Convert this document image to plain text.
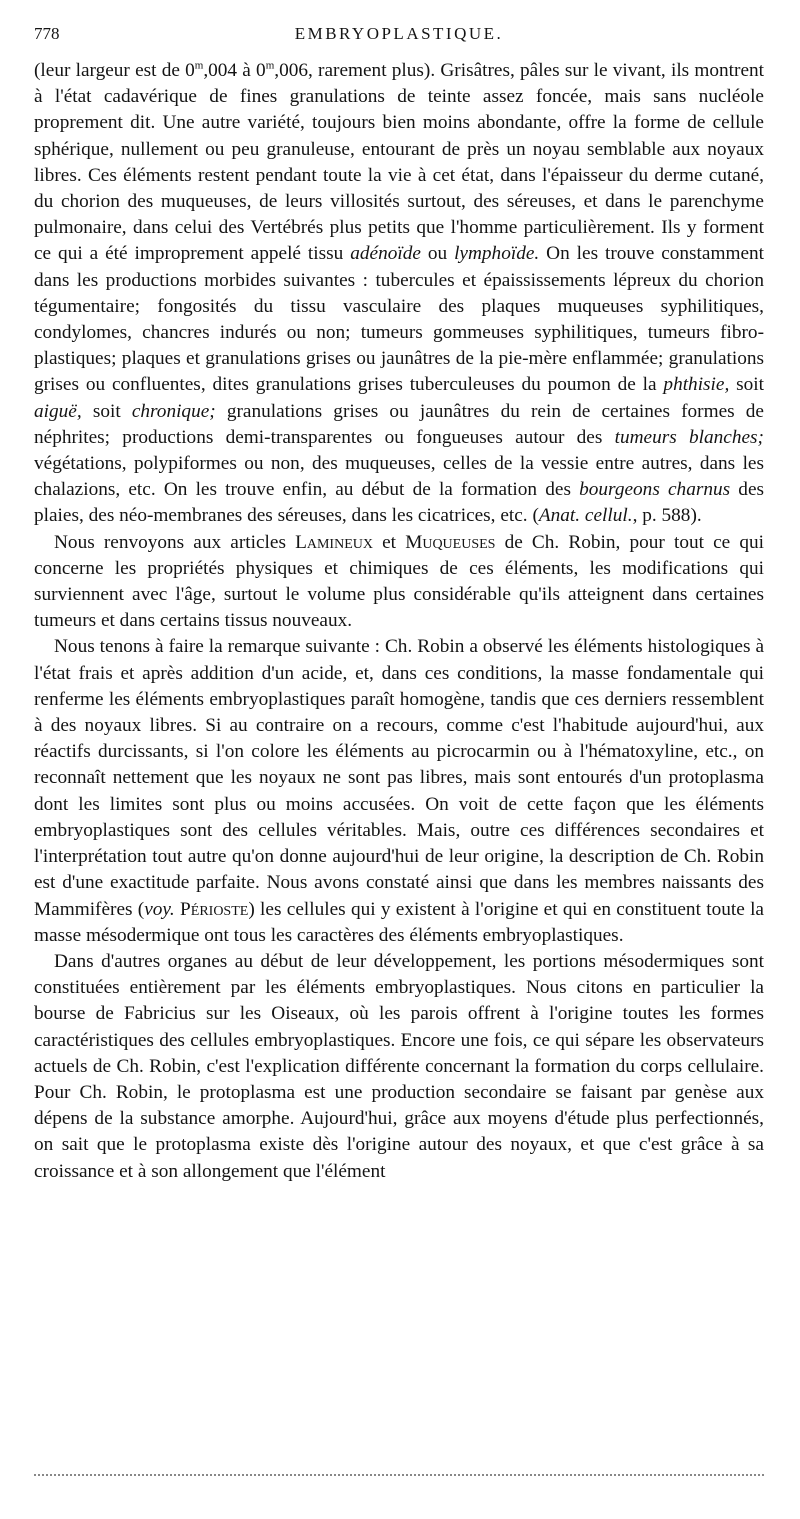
778	EMBRYOPLASTIQUE.

(leur largeur est de 0$^m$,004 à 0$^m$,006, rarement plus). Grisâtres, pâles sur le vivant, ils montrent à l'état cadavérique de fines granulations de teinte assez foncée, mais sans nucléole proprement dit. Une autre variété, toujours bien moins abondante, offre la forme de cellule sphérique, nullement ou peu granuleuse, entourant de près un noyau semblable aux noyaux libres. Ces éléments restent pendant toute la vie à cet état, dans l'épaisseur du derme cutané, du chorion des muqueuses, de leurs villosités surtout, des séreuses, et dans le parenchyme pulmonaire, dans celui des Vertébrés plus petits que l'homme particulièrement. Ils y forment ce qui a été improprement appelé tissu adénoïde ou lymphoïde. On les trouve constamment dans les productions morbides suivantes : tubercules et épaississements lépreux du chorion tégumentaire; fongosités du tissu vasculaire des plaques muqueuses syphilitiques, condylomes, chancres indurés ou non; tumeurs gommeuses syphilitiques, tumeurs fibro-plastiques; plaques et granulations grises ou jaunâtres de la pie-mère enflammée; granulations grises ou confluentes, dites granulations grises tuberculeuses du poumon de la phthisie, soit aiguë, soit chronique; granulations grises ou jaunâtres du rein de certaines formes de néphrites; productions demi-transparentes ou fongueuses autour des tumeurs blanches; végétations, polypiformes ou non, des muqueuses, celles de la vessie entre autres, dans les chalazions, etc. On les trouve enfin, au début de la formation des bourgeons charnus des plaies, des néo-membranes des séreuses, dans les cicatrices, etc. (Anat. cellul., p. 588).

Nous renvoyons aux articles Lamineux et Muqueuses de Ch. Robin, pour tout ce qui concerne les propriétés physiques et chimiques de ces éléments, les modifications qui surviennent avec l'âge, surtout le volume plus considérable qu'ils atteignent dans certaines tumeurs et dans certains tissus nouveaux.

Nous tenons à faire la remarque suivante : Ch. Robin a observé les éléments histologiques à l'état frais et après addition d'un acide, et, dans ces conditions, la masse fondamentale qui renferme les éléments embryoplastiques paraît homogène, tandis que ces derniers ressemblent à des noyaux libres. Si au contraire on a recours, comme c'est l'habitude aujourd'hui, aux réactifs durcissants, si l'on colore les éléments au picrocarmin ou à l'hématoxyline, etc., on reconnaît nettement que les noyaux ne sont pas libres, mais sont entourés d'un protoplasma dont les limites sont plus ou moins accusées. On voit de cette façon que les éléments embryoplastiques sont des cellules véritables. Mais, outre ces différences secondaires et l'interprétation tout autre qu'on donne aujourd'hui de leur origine, la description de Ch. Robin est d'une exactitude parfaite. Nous avons constaté ainsi que dans les membres naissants des Mammifères (voy. Périoste) les cellules qui y existent à l'origine et qui en constituent toute la masse mésodermique ont tous les caractères des éléments embryoplastiques.

Dans d'autres organes au début de leur développement, les portions mésodermiques sont constituées entièrement par les éléments embryoplastiques. Nous citons en particulier la bourse de Fabricius sur les Oiseaux, où les parois offrent à l'origine toutes les formes caractéristiques des cellules embryoplastiques. Encore une fois, ce qui sépare les observateurs actuels de Ch. Robin, c'est l'explication différente concernant la formation du corps cellulaire. Pour Ch. Robin, le protoplasma est une production secondaire se faisant par genèse aux dépens de la substance amorphe. Aujourd'hui, grâce aux moyens d'étude plus perfectionnés, on sait que le protoplasma existe dès l'origine autour des noyaux, et que c'est grâce à sa croissance et à son allongement que l'élément
